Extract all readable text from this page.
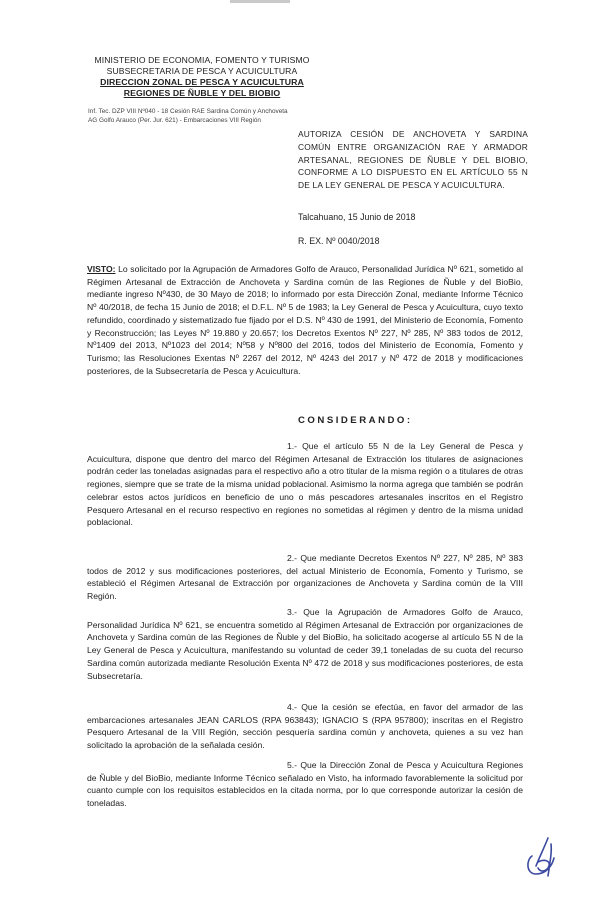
MINISTERIO DE ECONOMIA, FOMENTO Y TURISMO
SUBSECRETARIA DE PESCA Y ACUICULTURA
DIRECCION ZONAL DE PESCA Y ACUICULTURA
REGIONES DE ÑUBLE Y DEL BIOBIO
Inf. Tec. DZP VIII Nº040 - 18 Cesión RAE Sardina Común y Anchoveta
AG Golfo Arauco (Per. Jur. 621) - Embarcaciones VIII Región
AUTORIZA CESIÓN DE ANCHOVETA Y SARDINA COMÚN ENTRE ORGANIZACIÓN RAE Y ARMADOR ARTESANAL, REGIONES DE ÑUBLE Y DEL BIOBIO, CONFORME A LO DISPUESTO EN EL ARTÍCULO 55 N DE LA LEY GENERAL DE PESCA Y ACUICULTURA.
Talcahuano, 15 Junio de 2018
R. EX. Nº 0040/2018
VISTO: Lo solicitado por la Agrupación de Armadores Golfo de Arauco, Personalidad Jurídica Nº 621, sometido al Régimen Artesanal de Extracción de Anchoveta y Sardina común de las Regiones de Ñuble y del BioBio, mediante ingreso Nº430, de 30 Mayo de 2018; lo informado por esta Dirección Zonal, mediante Informe Técnico Nº 40/2018, de fecha 15 Junio de 2018; el D.F.L. Nº 5 de 1983; la Ley General de Pesca y Acuicultura, cuyo texto refundido, coordinado y sistematizado fue fijado por el D.S. Nº 430 de 1991, del Ministerio de Economía, Fomento y Reconstrucción; las Leyes Nº 19.880 y 20.657; los Decretos Exentos Nº 227, Nº 285, Nº 383 todos de 2012, Nº1409 del 2013, Nº1023 del 2014; Nº58 y Nº800 del 2016, todos del Ministerio de Economía, Fomento y Turismo; las Resoluciones Exentas Nº 2267 del 2012, Nº 4243 del 2017 y Nº 472 de 2018 y modificaciones posteriores, de la Subsecretaría de Pesca y Acuicultura.
CONSIDERANDO:
1.- Que el artículo 55 N de la Ley General de Pesca y Acuicultura, dispone que dentro del marco del Régimen Artesanal de Extracción los titulares de asignaciones podrán ceder las toneladas asignadas para el respectivo año a otro titular de la misma región o a titulares de otras regiones, siempre que se trate de la misma unidad poblacional. Asimismo la norma agrega que también se podrán celebrar estos actos jurídicos en beneficio de uno o más pescadores artesanales inscritos en el Registro Pesquero Artesanal en el recurso respectivo en regiones no sometidas al régimen y dentro de la misma unidad poblacional.
2.- Que mediante Decretos Exentos Nº 227, Nº 285, Nº 383 todos de 2012 y sus modificaciones posteriores, del actual Ministerio de Economía, Fomento y Turismo, se estableció el Régimen Artesanal de Extracción por organizaciones de Anchoveta y Sardina común de la VIII Región.
3.- Que la Agrupación de Armadores Golfo de Arauco, Personalidad Jurídica Nº 621, se encuentra sometido al Régimen Artesanal de Extracción por organizaciones de Anchoveta y Sardina común de las Regiones de Ñuble y del BioBio, ha solicitado acogerse al artículo 55 N de la Ley General de Pesca y Acuicultura, manifestando su voluntad de ceder 39,1 toneladas de su cuota del recurso Sardina común autorizada mediante Resolución Exenta Nº 472 de 2018 y sus modificaciones posteriores, de esta Subsecretaría.
4.- Que la cesión se efectúa, en favor del armador de las embarcaciones artesanales JEAN CARLOS (RPA 963843); IGNACIO S (RPA 957800); inscritas en el Registro Pesquero Artesanal de la VIII Región, sección pesquería sardina común y anchoveta, quienes a su vez han solicitado la aprobación de la señalada cesión.
5.- Que la Dirección Zonal de Pesca y Acuicultura Regiones de Ñuble y del BioBio, mediante Informe Técnico señalado en Visto, ha informado favorablemente la solicitud por cuanto cumple con los requisitos establecidos en la citada norma, por lo que corresponde autorizar la cesión de toneladas.
